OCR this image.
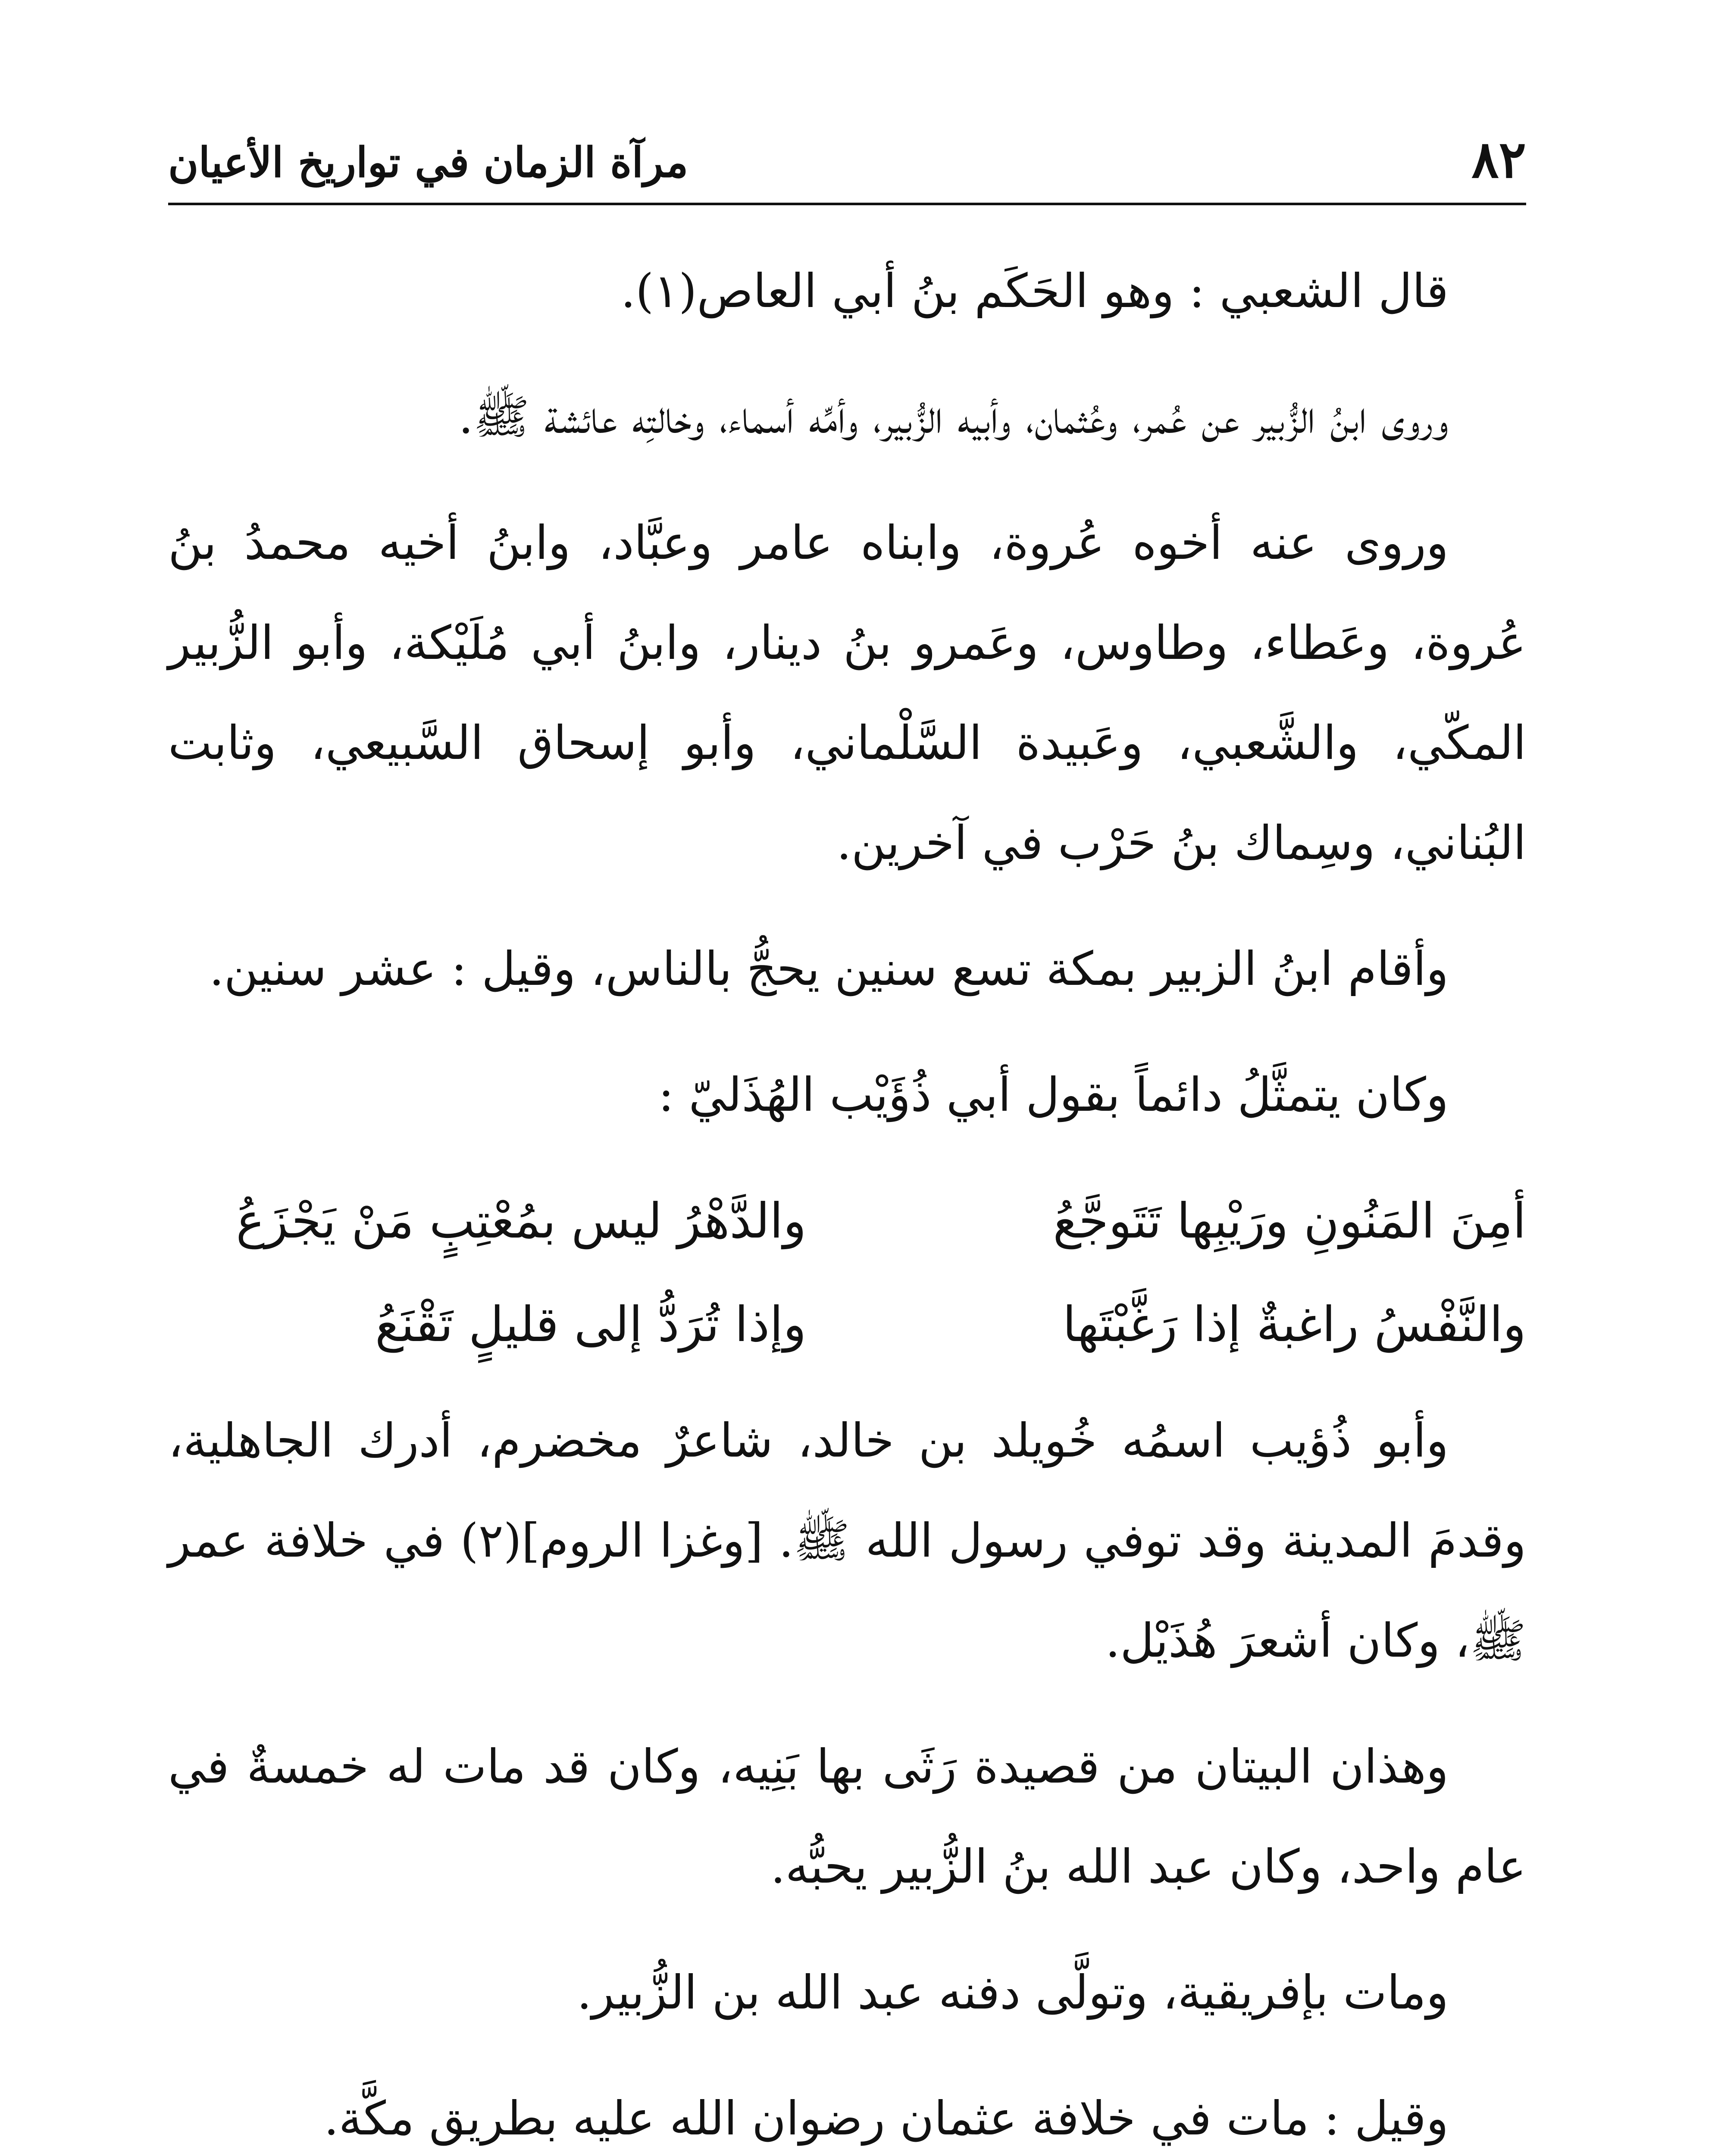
٨٢
مرآة الزمان في تواريخ الأعيان

قال الشعبي : وهو الحَكَم بنُ أبي العاص(١).

وروى ابنُ الزُّبير عن عُمر، وعُثمان، وأبيه الزُّبير، وأمِّه أسماء، وخالتِه عائشة ﷺ.

وروى عنه أخوه عُروة، وابناه عامر وعبَّاد، وابنُ أخيه محمدُ بنُ عُروة، وعَطاء، وطاوس، وعَمرو بنُ دينار، وابنُ أبي مُلَيْكة، وأبو الزُّبير المكّي، والشَّعبي، وعَبيدة السَّلْماني، وأبو إسحاق السَّبيعي، وثابت البُناني، وسِماك بنُ حَرْب في آخرين.

وأقام ابنُ الزبير بمكة تسع سنين يحجُّ بالناس، وقيل : عشر سنين.

وكان يتمثَّلُ دائماً بقول أبي ذُؤَيْب الهُذَليّ :

أمِنَ المَنُونِ ورَيْبِها تَتَوجَّعُ
والدَّهْرُ ليس بمُعْتِبٍ مَنْ يَجْزَعُ
والنَّفْسُ راغبةٌ إذا رَغَّبْتَها
وإذا تُرَدُّ إلى قليلٍ تَقْنَعُ

وأبو ذُؤيب اسمُه خُويلد بن خالد، شاعرٌ مخضرم، أدرك الجاهلية، وقدمَ المدينة وقد توفي رسول الله ﷺ. [وغزا الروم](٢) في خلافة عمر ﷺ، وكان أشعرَ هُذَيْل.

وهذان البيتان من قصيدة رَثَى بها بَنِيه، وكان قد مات له خمسةٌ في عام واحد، وكان عبد الله بنُ الزُّبير يحبُّه.

ومات بإفريقية، وتولَّى دفنه عبد الله بن الزُّبير.

وقيل : مات في خلافة عثمان رضوان الله عليه بطريق مكَّة.
